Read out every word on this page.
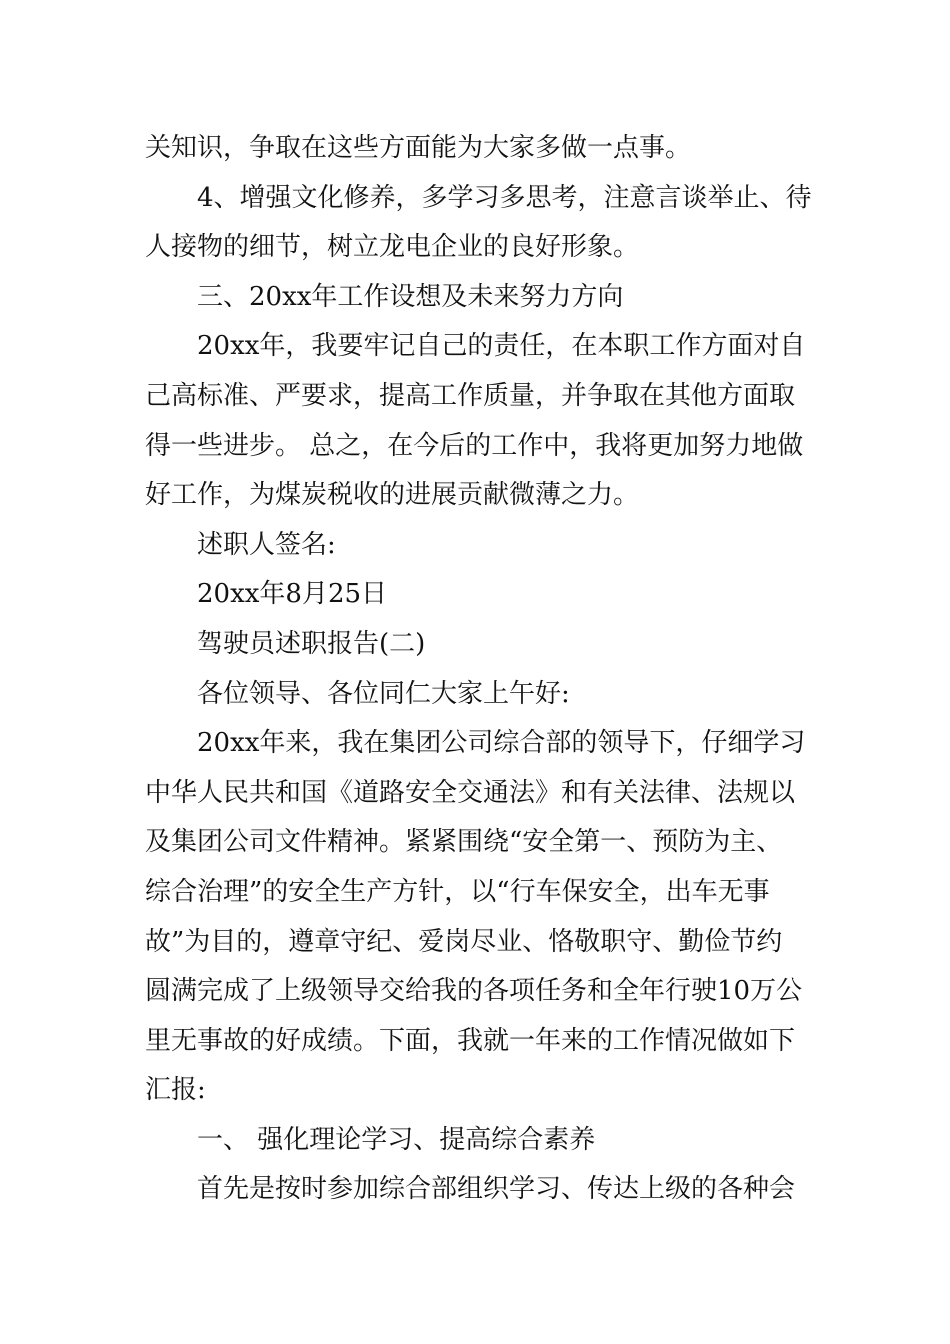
关知识，争取在这些方面能为大家多做一点事。

4、增强文化修养，多学习多思考，注意言谈举止、待

人接物的细节，树立龙电企业的良好形象。

三、20xx年工作设想及未来努力方向

20xx年，我要牢记自己的责任，在本职工作方面对自

己高标准、严要求，提高工作质量，并争取在其他方面取

得一些进步。 总之，在今后的工作中，我将更加努力地做

好工作，为煤炭税收的进展贡献微薄之力。

述职人签名:

20xx年8月25日

驾驶员述职报告(二)

各位领导、各位同仁大家上午好:

20xx年来，我在集团公司综合部的领导下，仔细学习

中华人民共和国《道路安全交通法》和有关法律、法规以

及集团公司文件精神。紧紧围绕“安全第一、预防为主、

综合治理”的安全生产方针，以“行车保安全，出车无事

故”为目的，遵章守纪、爱岗尽业、恪敬职守、勤俭节约

圆满完成了上级领导交给我的各项任务和全年行驶10万公

里无事故的好成绩。下面，我就一年来的工作情况做如下

汇报:

一、 强化理论学习、提高综合素养

首先是按时参加综合部组织学习、传达上级的各种会
